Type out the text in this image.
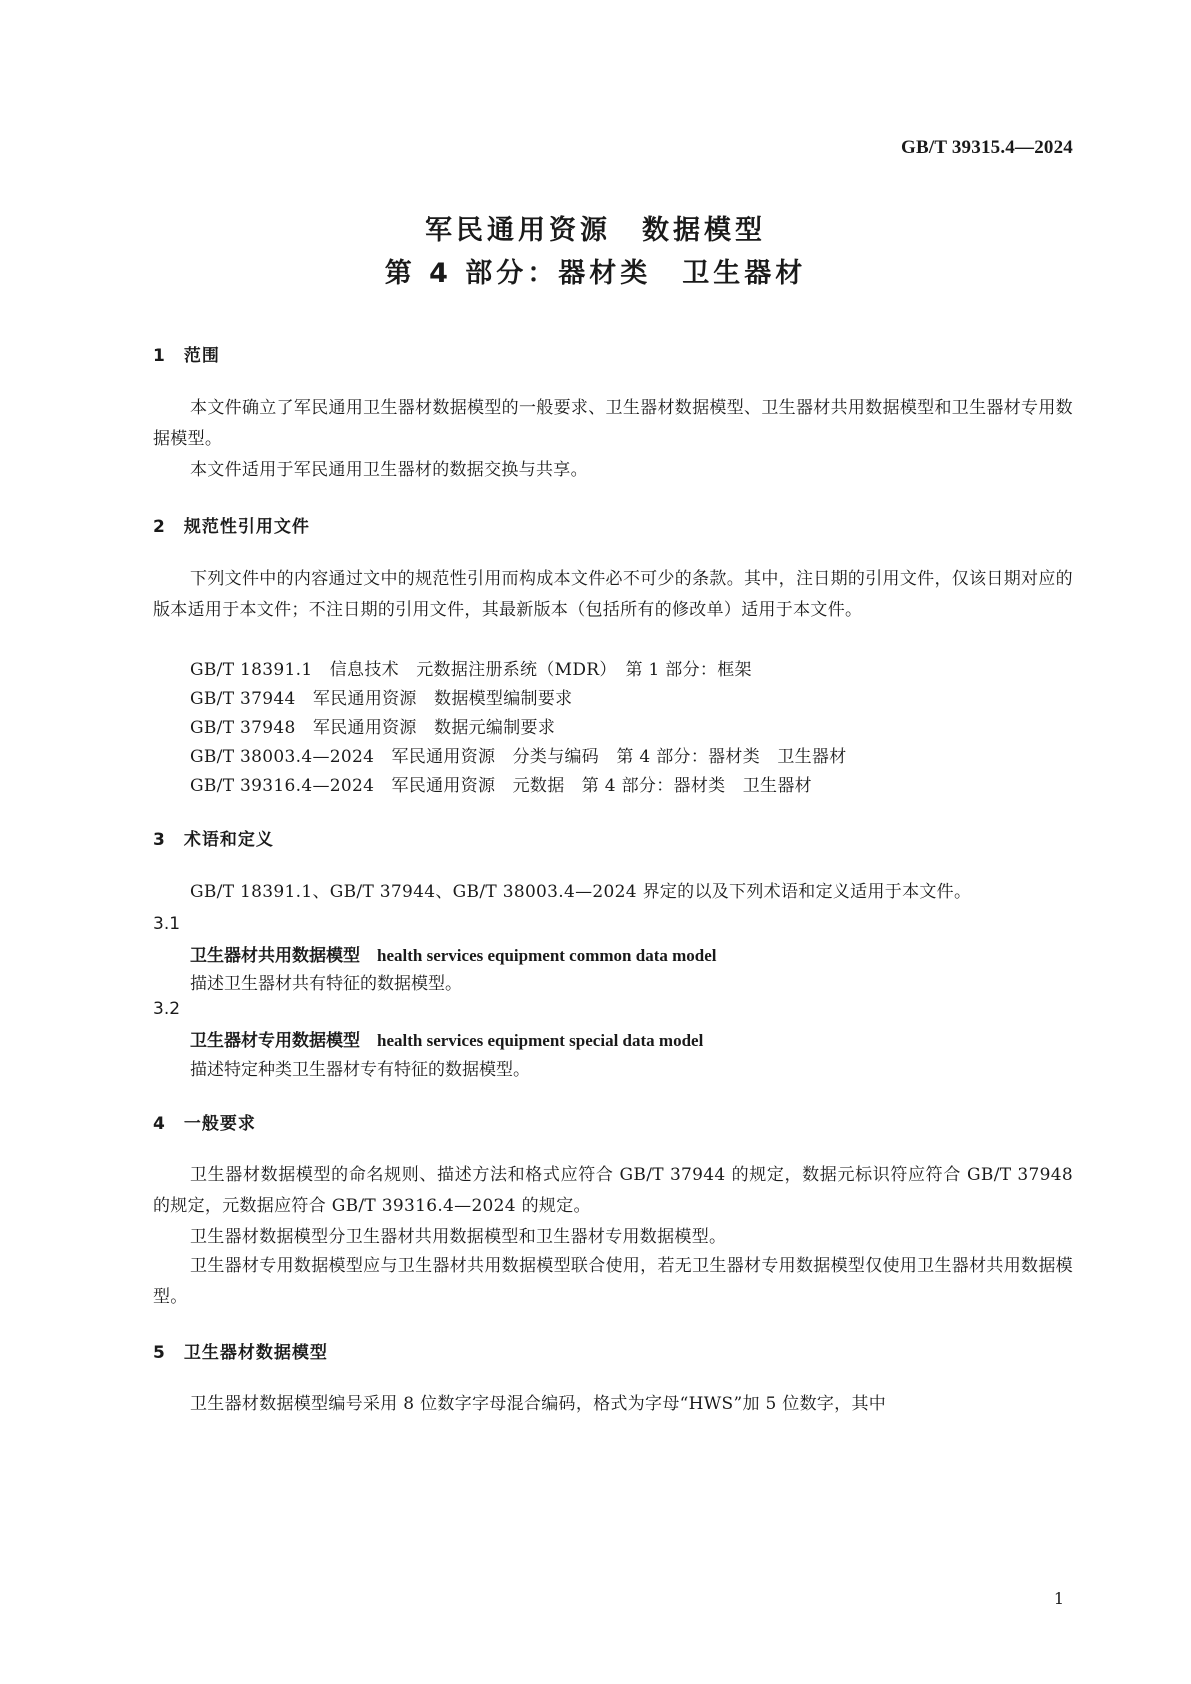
GB/T 39315.4—2024
军民通用资源　数据模型
第 4 部分：器材类　卫生器材
1　范围
本文件确立了军民通用卫生器材数据模型的一般要求、卫生器材数据模型、卫生器材共用数据模型和卫生器材专用数据模型。
本文件适用于军民通用卫生器材的数据交换与共享。
2　规范性引用文件
下列文件中的内容通过文中的规范性引用而构成本文件必不可少的条款。其中，注日期的引用文件，仅该日期对应的版本适用于本文件；不注日期的引用文件，其最新版本（包括所有的修改单）适用于本文件。
GB/T 18391.1　信息技术　元数据注册系统（MDR）　第 1 部分：框架
GB/T 37944　军民通用资源　数据模型编制要求
GB/T 37948　军民通用资源　数据元编制要求
GB/T 38003.4—2024　军民通用资源　分类与编码　第 4 部分：器材类　卫生器材
GB/T 39316.4—2024　军民通用资源　元数据　第 4 部分：器材类　卫生器材
3　术语和定义
GB/T 18391.1、GB/T 37944、GB/T 38003.4—2024 界定的以及下列术语和定义适用于本文件。
3.1
卫生器材共用数据模型　 health services equipment common data model
描述卫生器材共有特征的数据模型。
3.2
卫生器材专用数据模型　 health services equipment special data model
描述特定种类卫生器材专有特征的数据模型。
4　一般要求
卫生器材数据模型的命名规则、描述方法和格式应符合 GB/T 37944 的规定，数据元标识符应符合 GB/T 37948 的规定，元数据应符合 GB/T 39316.4—2024 的规定。
卫生器材数据模型分卫生器材共用数据模型和卫生器材专用数据模型。
卫生器材专用数据模型应与卫生器材共用数据模型联合使用，若无卫生器材专用数据模型仅使用卫生器材共用数据模型。
5　卫生器材数据模型
卫生器材数据模型编号采用 8 位数字字母混合编码，格式为字母“HWS”加 5 位数字，其中
1
